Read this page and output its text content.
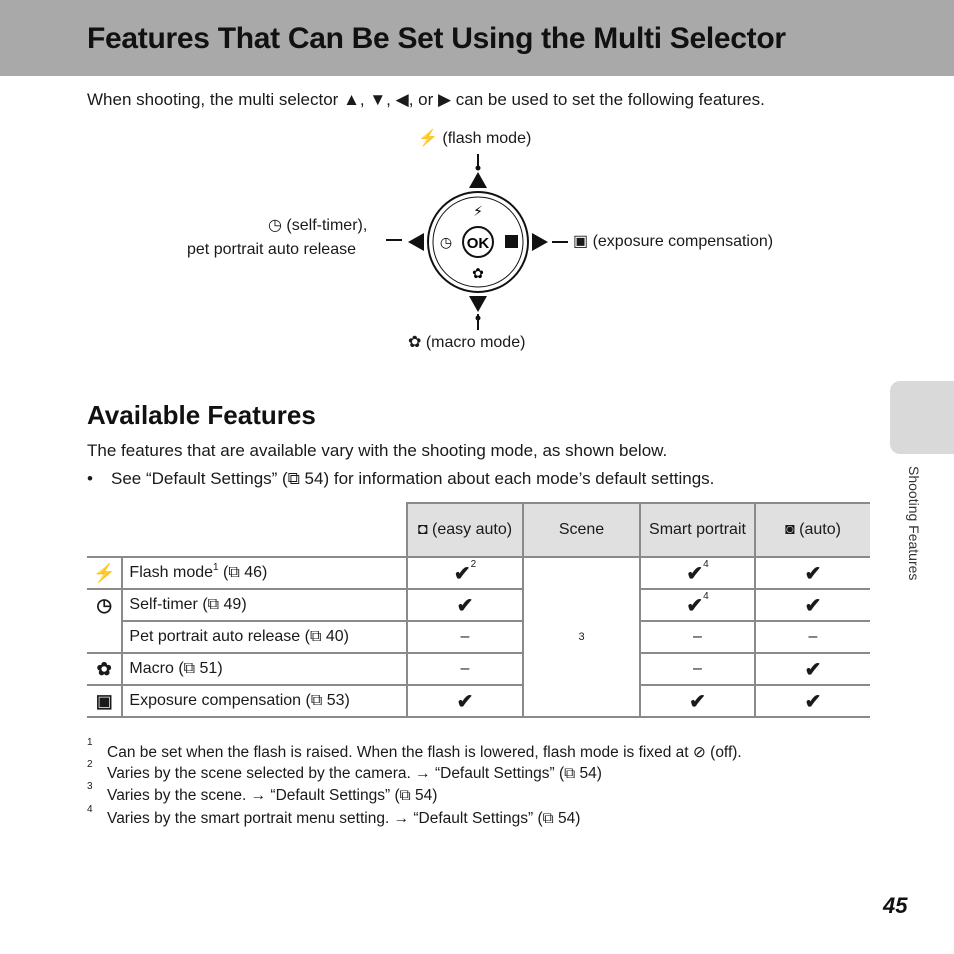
Features That Can Be Set Using the Multi Selector
When shooting, the multi selector ▲, ▼, ◀, or ▶ can be used to set the following features.
OK
⚡
✿
◷
⚡ (flash mode)
◷ (self-timer),
pet portrait auto release	▣ (exposure compensation)
✿ (macro mode)
Available Features
The features that are available vary with the shooting mode, as shown below.
• See “Default Settings” (⧉ 54) for information about each mode’s default settings.	Shooting Features
		◘ (easy auto)	Scene	Smart portrait	◙ (auto)
⚡	Flash mode$^1$ (⧉ 46)	✔$^2$	3	✔$^4$	✔
◷	Self-timer (⧉ 49)	✔		✔$^4$	✔
	Pet portrait auto release (⧉ 40)	–		–	–
✿	Macro (⧉ 51)	–		–	✔
▣	Exposure compensation (⧉ 53)	✔		✔	✔
1
Can be set when the flash is raised. When the flash is lowered, flash mode is fixed at ⊘ (off).
2
Varies by the scene selected by the camera. → “Default Settings” (⧉ 54)
3
Varies by the scene. → “Default Settings” (⧉ 54)
4
Varies by the smart portrait menu setting. → “Default Settings” (⧉ 54)
45
